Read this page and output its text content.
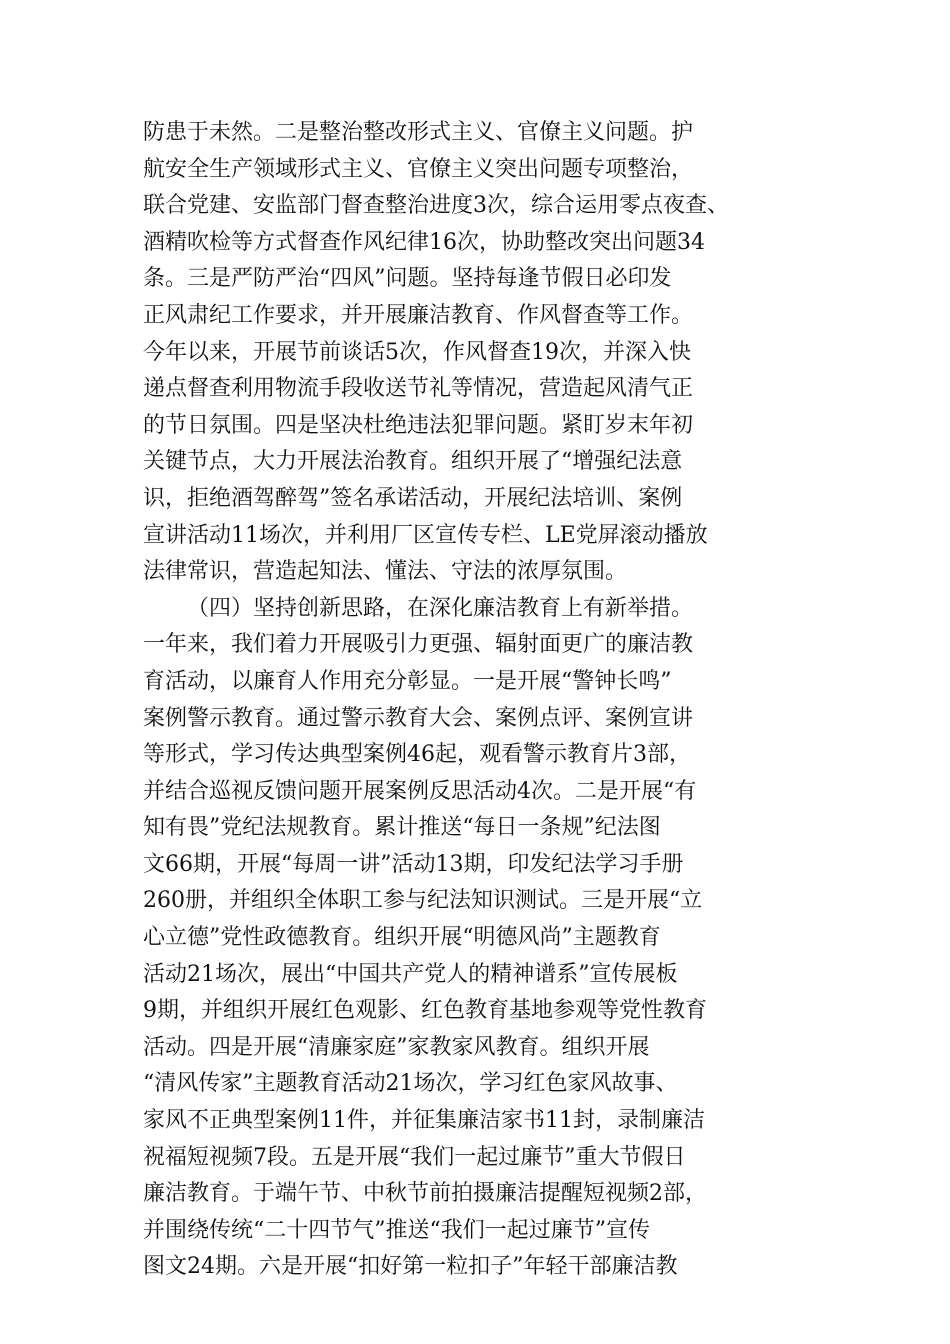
防患于未然。二是整治整改形式主义、官僚主义问题。护
航安全生产领域形式主义、官僚主义突出问题专项整治，
联合党建、安监部门督查整治进度3次，综合运用零点夜查、
酒精吹检等方式督查作风纪律16次，协助整改突出问题34
条。三是严防严治“四风”问题。坚持每逢节假日必印发
正风肃纪工作要求，并开展廉洁教育、作风督查等工作。
今年以来，开展节前谈话5次，作风督查19次，并深入快
递点督查利用物流手段收送节礼等情况，营造起风清气正
的节日氛围。四是坚决杜绝违法犯罪问题。紧盯岁末年初
关键节点，大力开展法治教育。组织开展了“增强纪法意
识，拒绝酒驾醉驾”签名承诺活动，开展纪法培训、案例
宣讲活动11场次，并利用厂区宣传专栏、LE党屏滚动播放
法律常识，营造起知法、懂法、守法的浓厚氛围。
（四）坚持创新思路，在深化廉洁教育上有新举措。
一年来，我们着力开展吸引力更强、辐射面更广的廉洁教
育活动，以廉育人作用充分彰显。一是开展“警钟长鸣”
案例警示教育。通过警示教育大会、案例点评、案例宣讲
等形式，学习传达典型案例46起，观看警示教育片3部，
并结合巡视反馈问题开展案例反思活动4次。二是开展“有
知有畏”党纪法规教育。累计推送“每日一条规”纪法图
文66期，开展“每周一讲”活动13期，印发纪法学习手册
260册，并组织全体职工参与纪法知识测试。三是开展“立
心立德”党性政德教育。组织开展“明德风尚”主题教育
活动21场次，展出“中国共产党人的精神谱系”宣传展板
9期，并组织开展红色观影、红色教育基地参观等党性教育
活动。四是开展“清廉家庭”家教家风教育。组织开展
“清风传家”主题教育活动21场次，学习红色家风故事、
家风不正典型案例11件，并征集廉洁家书11封，录制廉洁
祝福短视频7段。五是开展“我们一起过廉节”重大节假日
廉洁教育。于端午节、中秋节前拍摄廉洁提醒短视频2部，
并围绕传统“二十四节气”推送“我们一起过廉节”宣传
图文24期。六是开展“扣好第一粒扣子”年轻干部廉洁教
